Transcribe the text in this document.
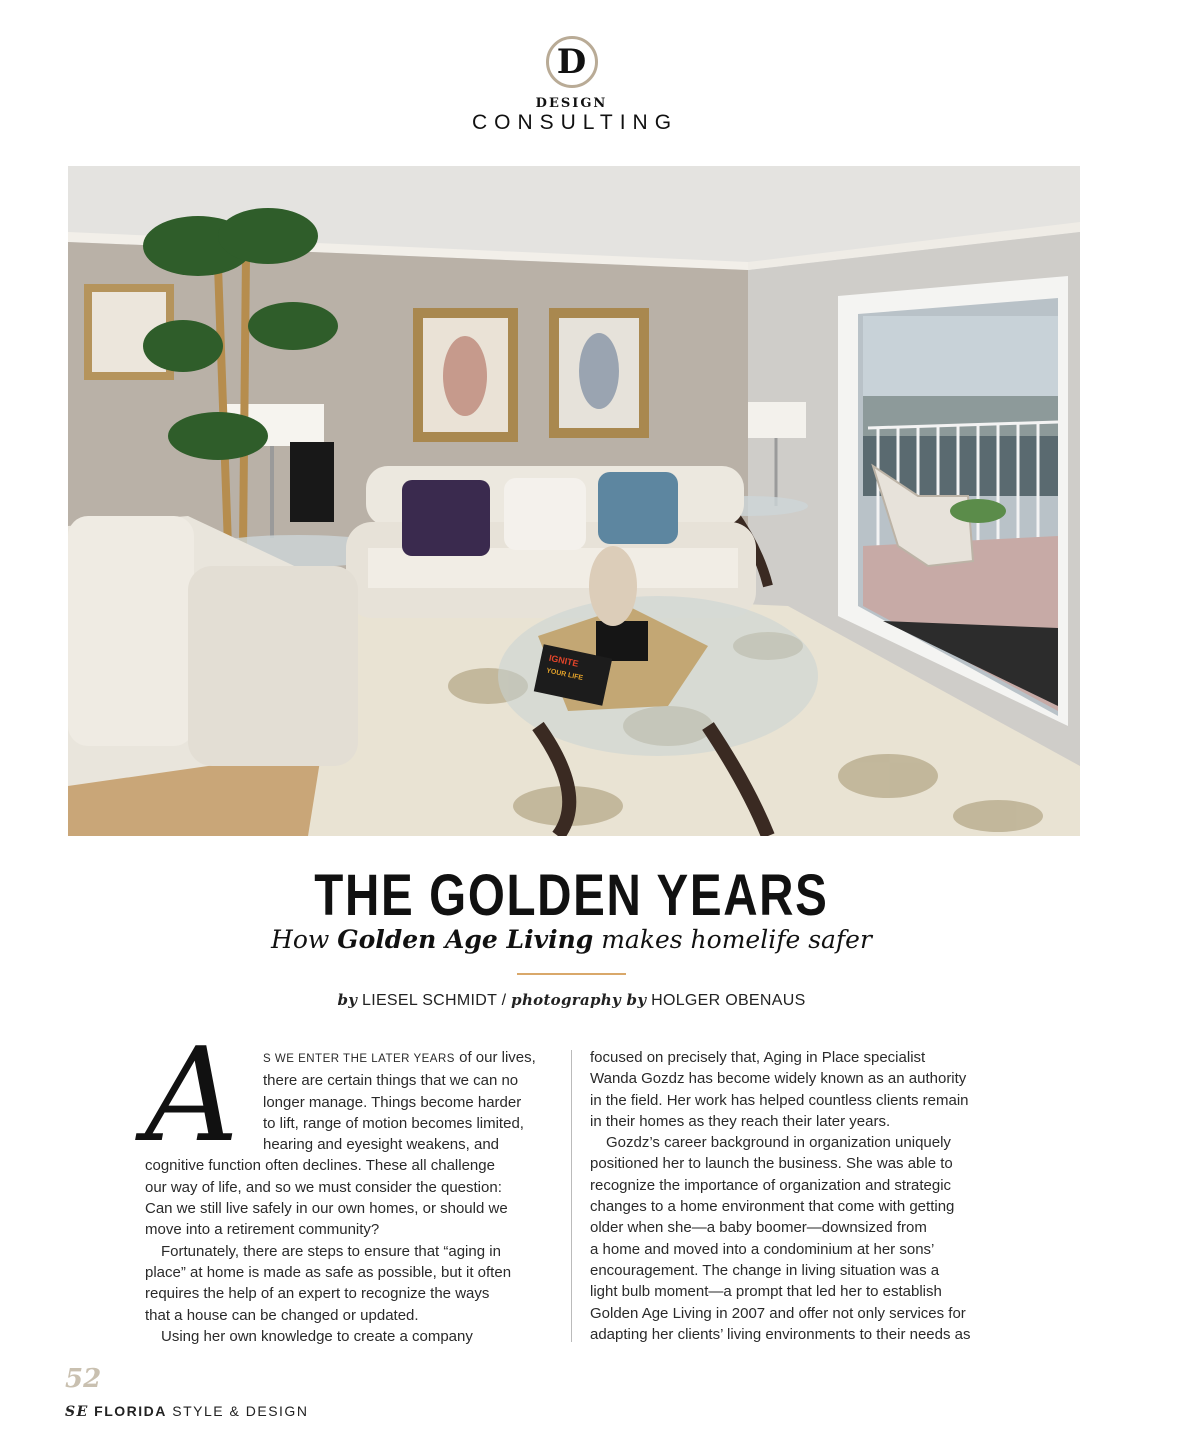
D
DESIGN
CONSULTING
IGNITE
YOUR LIFE
THE GOLDEN YEARS
How Golden Age Living makes homelife safer
by LIESEL SCHMIDT / photography by HOLGER OBENAUS
A	S WE ENTER THE LATER YEARS of our lives,
there are certain things that we can no
longer manage. Things become harder
to lift, range of motion becomes limited,
hearing and eyesight weakens, and
cognitive function often declines. These all challenge
our way of life, and so we must consider the question:
Can we still live safely in our own homes, or should we
move into a retirement community?
Fortunately, there are steps to ensure that “aging in
place” at home is made as safe as possible, but it often
requires the help of an expert to recognize the ways
that a house can be changed or updated.
Using her own knowledge to create a company
focused on precisely that, Aging in Place specialist
Wanda Gozdz has become widely known as an authority
in the field. Her work has helped countless clients remain
in their homes as they reach their later years.
Gozdz’s career background in organization uniquely
positioned her to launch the business. She was able to
recognize the importance of organization and strategic
changes to a home environment that come with getting
older when she—a baby boomer—downsized from
a home and moved into a condominium at her sons’
encouragement. The change in living situation was a
light bulb moment—a prompt that led her to establish
Golden Age Living in 2007 and offer not only services for
adapting her clients’ living environments to their needs as
52
SE FLORIDA STYLE & DESIGN
